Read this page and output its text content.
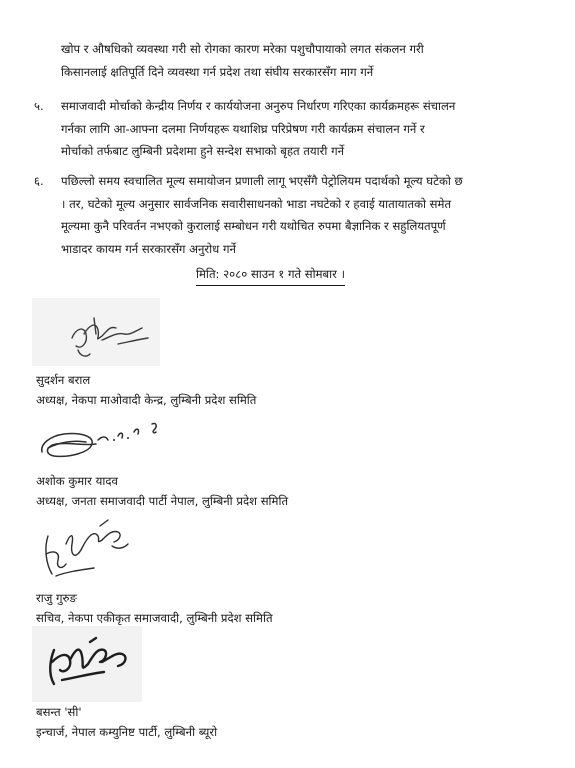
खोप र औषधिको व्यवस्था गरी सो रोगका कारण मरेका पशुचौपायाको लगत संकलन गरी
किसानलाई क्षतिपूर्ति दिने व्यवस्था गर्न प्रदेश तथा संघीय सरकारसँग माग गर्ने
५. समाजवादी मोर्चाको केन्द्रीय निर्णय र कार्ययोजना अनुरुप निर्धारण गरिएका कार्यक्रमहरू संचालन
गर्नका लागि आ-आफ्ना दलमा निर्णयहरू यथाशिघ्र परिप्रेषण गरी कार्यक्रम संचालन गर्ने र
मोर्चाको तर्फबाट लुम्बिनी प्रदेशमा हुने सन्देश सभाको बृहत तयारी गर्ने
६. पछिल्लो समय स्वचालित मूल्य समायोजन प्रणाली लागू भएसँगै पेट्रोलियम पदार्थको मूल्य घटेको छ
। तर, घटेको मूल्य अनुसार सार्वजनिक सवारीसाधनको भाडा नघटेको र हवाई यातायातको समेत
मूल्यमा कुनै परिवर्तन नभएको कुरालाई सम्बोधन गरी यथोचित रुपमा बैज्ञानिक र सहुलियतपूर्ण
भाडादर कायम गर्न सरकारसँग अनुरोध गर्ने
मिति: २०८० साउन १ गते सोमबार ।
सुदर्शन बराल
अध्यक्ष, नेकपा माओवादी केन्द्र, लुम्बिनी प्रदेश समिति
अशोक कुमार यादव
अध्यक्ष, जनता समाजवादी पार्टी नेपाल, लुम्बिनी प्रदेश समिति
राजु गुरुङ
सचिव, नेकपा एकीकृत समाजवादी, लुम्बिनी प्रदेश समिति
बसन्त 'सी'
इन्चार्ज, नेपाल कम्युनिष्ट पार्टी, लुम्बिनी ब्यूरो
